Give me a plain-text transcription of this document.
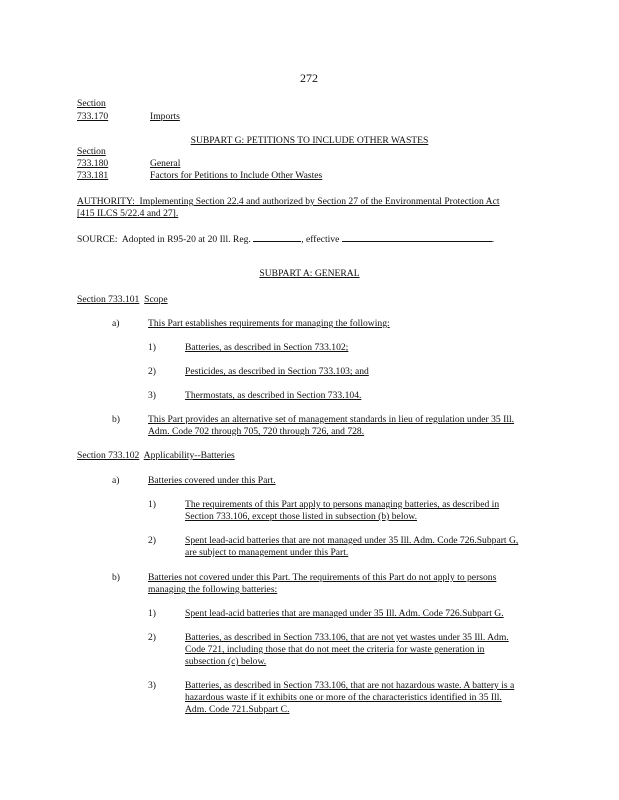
272
Section
733.170	Imports
SUBPART G: PETITIONS TO INCLUDE OTHER WASTES
Section
733.180	General
733.181	Factors for Petitions to Include Other Wastes
AUTHORITY: Implementing Section 22.4 and authorized by Section 27 of the Environmental Protection Act
[415 ILCS 5/22.4 and 27].
SOURCE: Adopted in R95-20 at 20 Ill. Reg.	, effective	.
SUBPART A: GENERAL
Section 733.101 Scope
a)	This Part establishes requirements for managing the following:
1)	Batteries, as described in Section 733.102;
2)	Pesticides, as described in Section 733.103; and
3)	Thermostats, as described in Section 733.104.
b)	This Part provides an alternative set of management standards in lieu of regulation under 35 Ill.
Adm. Code 702 through 705, 720 through 726, and 728.
Section 733.102 Applicability--Batteries
a)	Batteries covered under this Part.
1)	The requirements of this Part apply to persons managing batteries, as described in
Section 733.106, except those listed in subsection (b) below.
2)	Spent lead-acid batteries that are not managed under 35 Ill. Adm. Code 726.Subpart G,
are subject to management under this Part.
b)	Batteries not covered under this Part. The requirements of this Part do not apply to persons
managing the following batteries:
1)	Spent lead-acid batteries that are managed under 35 Ill. Adm. Code 726.Subpart G.
2)	Batteries, as described in Section 733.106, that are not yet wastes under 35 Ill. Adm.
Code 721, including those that do not meet the criteria for waste generation in
subsection (c) below.
3)	Batteries, as described in Section 733.106, that are not hazardous waste. A battery is a
hazardous waste if it exhibits one or more of the characteristics identified in 35 Ill.
Adm. Code 721.Subpart C.
